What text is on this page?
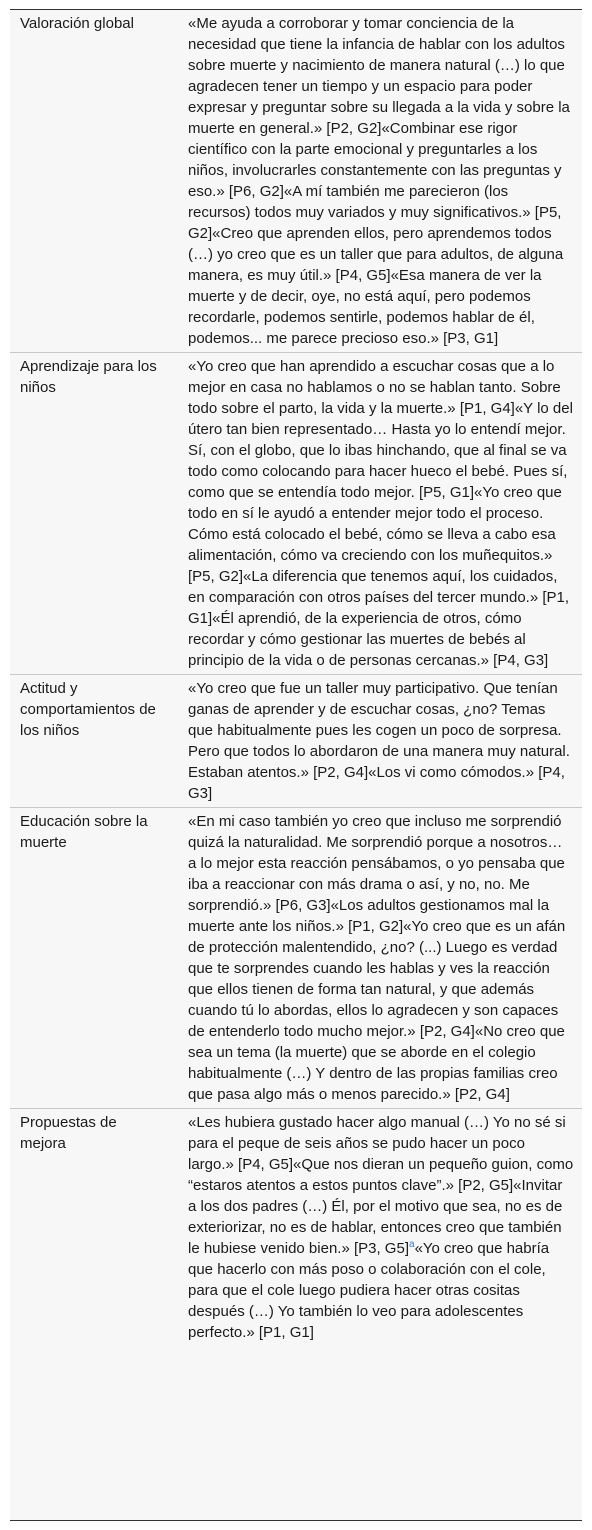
Valoración global	«Me ayuda a corroborar y tomar conciencia de la necesidad que tiene la infancia de hablar con los adultos sobre muerte y nacimiento de manera natural (…) lo que agradecen tener un tiempo y un espacio para poder expresar y preguntar sobre su llegada a la vida y sobre la muerte en general.» [P2, G2]«Combinar ese rigor científico con la parte emocional y preguntarles a los niños, involucrarles constantemente con las preguntas y eso.» [P6, G2]«A mí también me parecieron (los recursos) todos muy variados y muy significativos.» [P5, G2]«Creo que aprenden ellos, pero aprendemos todos (…) yo creo que es un taller que para adultos, de alguna manera, es muy útil.» [P4, G5]«Esa manera de ver la muerte y de decir, oye, no está aquí, pero podemos recordarle, podemos sentirle, podemos hablar de él, podemos... me parece precioso eso.» [P3, G1]
Aprendizaje para los niños	«Yo creo que han aprendido a escuchar cosas que a lo mejor en casa no hablamos o no se hablan tanto. Sobre todo sobre el parto, la vida y la muerte.» [P1, G4]«Y lo del útero tan bien representado… Hasta yo lo entendí mejor. Sí, con el globo, que lo ibas hinchando, que al final se va todo como colocando para hacer hueco el bebé. Pues sí, como que se entendía todo mejor. [P5, G1]«Yo creo que todo en sí le ayudó a entender mejor todo el proceso. Cómo está colocado el bebé, cómo se lleva a cabo esa alimentación, cómo va creciendo con los muñequitos.» [P5, G2]«La diferencia que tenemos aquí, los cuidados, en comparación con otros países del tercer mundo.» [P1, G1]«Él aprendió, de la experiencia de otros, cómo recordar y cómo gestionar las muertes de bebés al principio de la vida o de personas cercanas.» [P4, G3]
Actitud y comportamientos de los niños	«Yo creo que fue un taller muy participativo. Que tenían ganas de aprender y de escuchar cosas, ¿no? Temas que habitualmente pues les cogen un poco de sorpresa. Pero que todos lo abordaron de una manera muy natural. Estaban atentos.» [P2, G4]«Los vi como cómodos.» [P4, G3]
Educación sobre la muerte	«En mi caso también yo creo que incluso me sorprendió quizá la naturalidad. Me sorprendió porque a nosotros… a lo mejor esta reacción pensábamos, o yo pensaba que iba a reaccionar con más drama o así, y no, no. Me sorprendió.» [P6, G3]«Los adultos gestionamos mal la muerte ante los niños.» [P1, G2]«Yo creo que es un afán de protección malentendido, ¿no? (...) Luego es verdad que te sorprendes cuando les hablas y ves la reacción que ellos tienen de forma tan natural, y que además cuando tú lo abordas, ellos lo agradecen y son capaces de entenderlo todo mucho mejor.» [P2, G4]«No creo que sea un tema (la muerte) que se aborde en el colegio habitualmente (…) Y dentro de las propias familias creo que pasa algo más o menos parecido.» [P2, G4]
Propuestas de mejora	«Les hubiera gustado hacer algo manual (…) Yo no sé si para el peque de seis años se pudo hacer un poco largo.» [P4, G5]«Que nos dieran un pequeño guion, como “estaros atentos a estos puntos clave”.» [P2, G5]«Invitar a los dos padres (…) Él, por el motivo que sea, no es de exteriorizar, no es de hablar, entonces creo que también le hubiese venido bien.» [P3, G5]$^a$«Yo creo que habría que hacerlo con más poso o colaboración con el cole, para que el cole luego pudiera hacer otras cositas después (…) Yo también lo veo para adolescentes perfecto.» [P1, G1]
